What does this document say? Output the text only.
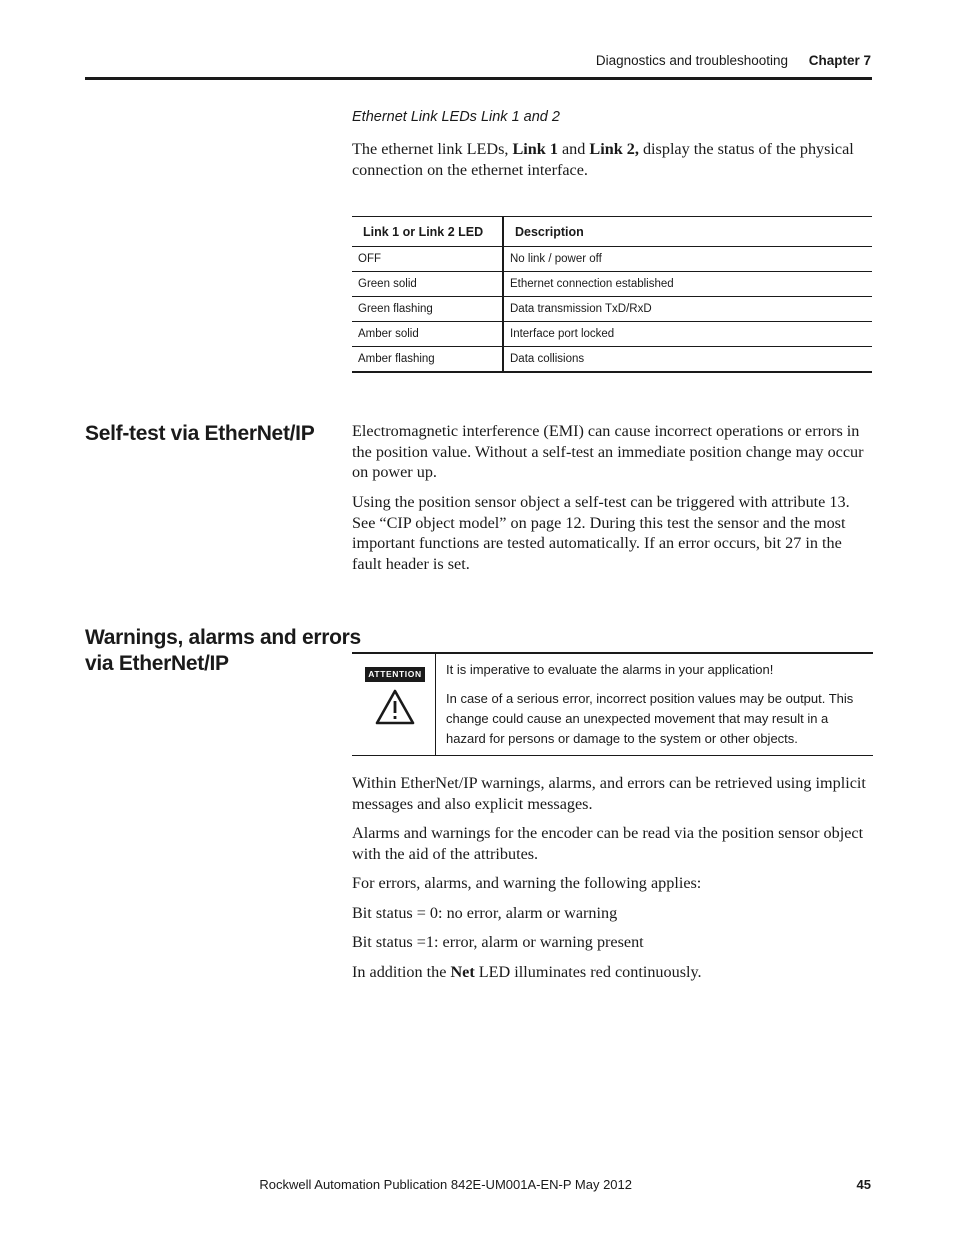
Diagnostics and troubleshooting Chapter 7
Ethernet Link LEDs Link 1 and 2

The ethernet link LEDs, Link 1 and Link 2, display the status of the physical connection on the ethernet interface.

Link 1 or Link 2 LED	Description
OFF	No link / power off
Green solid	Ethernet connection established
Green flashing	Data transmission TxD/RxD
Amber solid	Interface port locked
Amber flashing	Data collisions
Self-test via EtherNet/IP Electromagnetic interference (EMI) can cause incorrect operations or errors in the position value. Without a self-test an immediate position change may occur on power up.

Using the position sensor object a self-test can be triggered with attribute 13. See “CIP object model” on page 12. During this test the sensor and the most important functions are tested automatically. If an error occurs, bit 27 in the fault header is set.

Warnings, alarms and errors
via EtherNet/IP	ATTENTION It is imperative to evaluate the alarms in your application!

In case of a serious error, incorrect position values may be output. This change could cause an unexpected movement that may result in a hazard for persons or damage to the system or other objects.

Within EtherNet/IP warnings, alarms, and errors can be retrieved using implicit messages and also explicit messages.

Alarms and warnings for the encoder can be read via the position sensor object with the aid of the attributes.

For errors, alarms, and warning the following applies:

Bit status = 0: no error, alarm or warning

Bit status =1: error, alarm or warning present

In addition the Net LED illuminates red continuously.

Rockwell Automation Publication 842E-UM001A-EN-P May 2012	45
